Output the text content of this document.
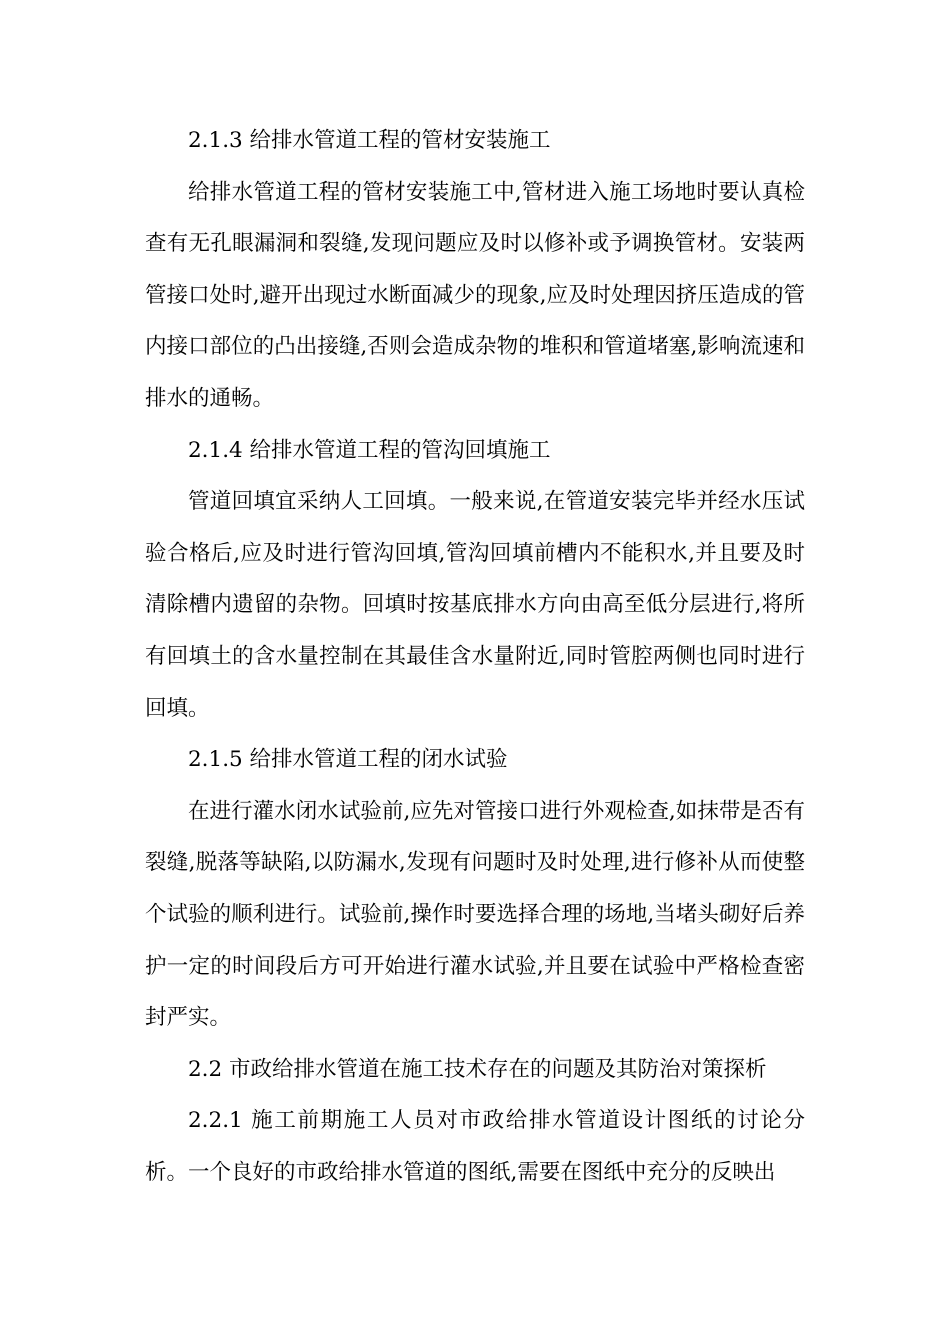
2.1.3 给排水管道工程的管材安装施工

给排水管道工程的管材安装施工中,管材进入施工场地时要认真检查有无孔眼漏洞和裂缝,发现问题应及时以修补或予调换管材。安装两管接口处时,避开出现过水断面减少的现象,应及时处理因挤压造成的管内接口部位的凸出接缝,否则会造成杂物的堆积和管道堵塞,影响流速和排水的通畅。

2.1.4 给排水管道工程的管沟回填施工

管道回填宜采纳人工回填。一般来说,在管道安装完毕并经水压试验合格后,应及时进行管沟回填,管沟回填前槽内不能积水,并且要及时清除槽内遗留的杂物。回填时按基底排水方向由高至低分层进行,将所有回填土的含水量控制在其最佳含水量附近,同时管腔两侧也同时进行回填。

2.1.5 给排水管道工程的闭水试验

在进行灌水闭水试验前,应先对管接口进行外观检查,如抹带是否有裂缝,脱落等缺陷,以防漏水,发现有问题时及时处理,进行修补从而使整个试验的顺利进行。试验前,操作时要选择合理的场地,当堵头砌好后养护一定的时间段后方可开始进行灌水试验,并且要在试验中严格检查密封严实。

2.2 市政给排水管道在施工技术存在的问题及其防治对策探析

2.2.1 施工前期施工人员对市政给排水管道设计图纸的讨论分析。一个良好的市政给排水管道的图纸,需要在图纸中充分的反映出
